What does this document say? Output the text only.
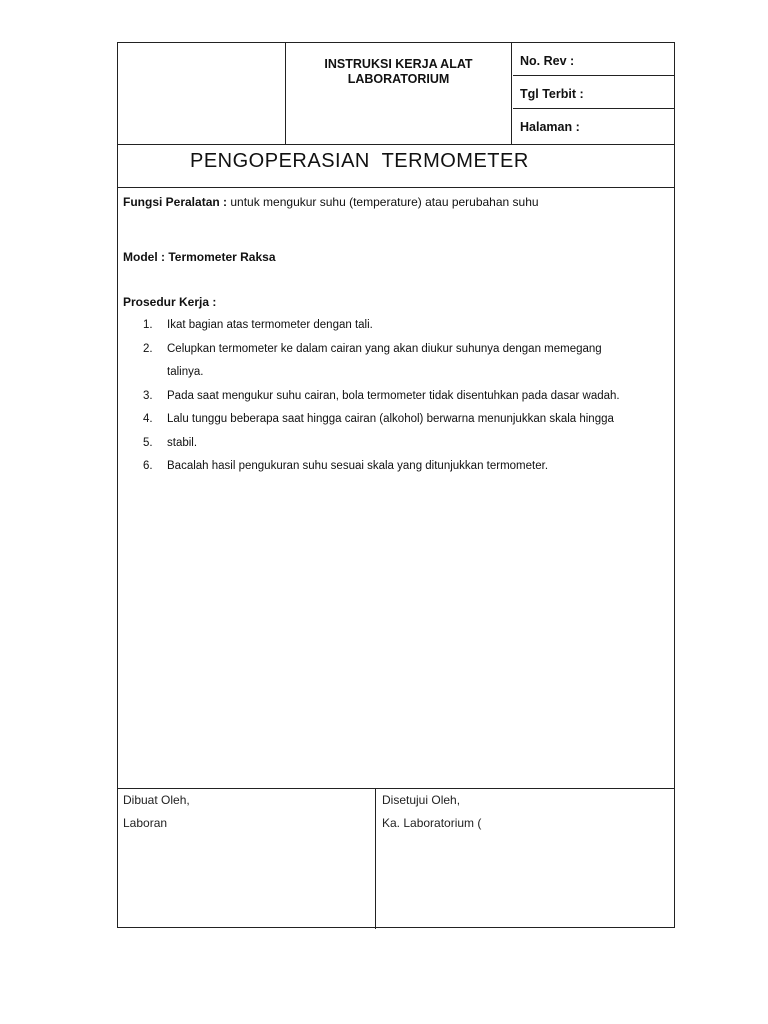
INSTRUKSI KERJA ALAT
LABORATORIUM
No. Rev :
Tgl Terbit :
Halaman :
PENGOPERASIAN TERMOMETER
Fungsi Peralatan : untuk mengukur suhu (temperature) atau perubahan suhu
Model : Termometer Raksa
Prosedur Kerja :
1.	Ikat bagian atas termometer dengan tali.
2.	Celupkan termometer ke dalam cairan yang akan diukur suhunya dengan memegang
talinya.
3.	Pada saat mengukur suhu cairan, bola termometer tidak disentuhkan pada dasar wadah.
4.	Lalu tunggu beberapa saat hingga cairan (alkohol) berwarna menunjukkan skala hingga
5.	stabil.
6.	Bacalah hasil pengukuran suhu sesuai skala yang ditunjukkan termometer.
Dibuat Oleh,
Laboran
Disetujui Oleh,
Ka. Laboratorium (
